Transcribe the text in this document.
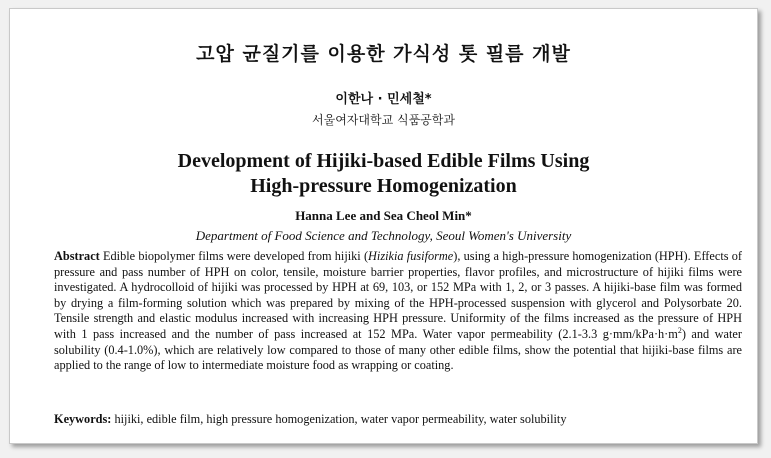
고압 균질기를 이용한 가식성 톳 필름 개발
이한나 · 민세철*
서울여자대학교 식품공학과
Development of Hijiki-based Edible Films Using
High-pressure Homogenization
Hanna Lee and Sea Cheol Min*
Department of Food Science and Technology, Seoul Women's University

Abstract Edible biopolymer films were developed from hijiki (Hizikia fusiforme), using a high-pressure homogenization (HPH). Effects of pressure and pass number of HPH on color, tensile, moisture barrier properties, flavor profiles, and microstructure of hijiki films were investigated. A hydrocolloid of hijiki was processed by HPH at 69, 103, or 152 MPa with 1, 2, or 3 passes. A hijiki-base film was formed by drying a film-forming solution which was prepared by mixing of the HPH-processed suspension with glycerol and Polysorbate 20. Tensile strength and elastic modulus increased with increasing HPH pressure. Uniformity of the films increased as the pressure of HPH with 1 pass increased and the number of pass increased at 152 MPa. Water vapor permeability (2.1-3.3 $g\cdot mm/kPa\cdot h\cdot m^2$) and water solubility (0.4-1.0%), which are relatively low compared to those of many other edible films, show the potential that hijiki-base films are applied to the range of low to intermediate moisture food as wrapping or coating.

Keywords: hijiki, edible film, high pressure homogenization, water vapor permeability, water solubility
